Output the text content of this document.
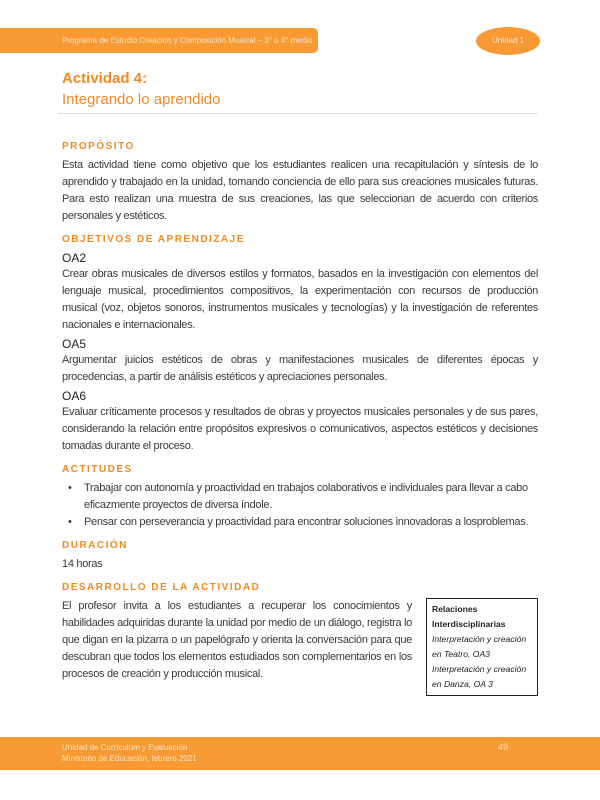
Programa de Estudio Creación y Composición Musical – 3° o 4° medio	Unidad 1
Actividad 4:
Integrando lo aprendido
PROPÓSITO
Esta actividad tiene como objetivo que los estudiantes realicen una recapitulación y síntesis de lo aprendido y trabajado en la unidad, tomando conciencia de ello para sus creaciones musicales futuras. Para esto realizan una muestra de sus creaciones, las que seleccionan de acuerdo con criterios personales y estéticos.
OBJETIVOS DE APRENDIZAJE
OA2
Crear obras musicales de diversos estilos y formatos, basados en la investigación con elementos del lenguaje musical, procedimientos compositivos, la experimentación con recursos de producción musical (voz, objetos sonoros, instrumentos musicales y tecnologías) y la investigación de referentes nacionales e internacionales.
OA5
Argumentar juicios estéticos de obras y manifestaciones musicales de diferentes épocas y procedencias, a partir de análisis estéticos y apreciaciones personales.
OA6
Evaluar críticamente procesos y resultados de obras y proyectos musicales personales y de sus pares, considerando la relación entre propósitos expresivos o comunicativos, aspectos estéticos y decisiones tomadas durante el proceso.
ACTITUDES
• Trabajar con autonomía y proactividad en trabajos colaborativos e individuales para llevar a cabo eficazmente proyectos de diversa índole.
• Pensar con perseverancia y proactividad para encontrar soluciones innovadoras a losproblemas.
DURACIÓN
14 horas
DESARROLLO DE LA ACTIVIDAD
El profesor invita a los estudiantes a recuperar los conocimientos y habilidades adquiridas durante la unidad por medio de un diálogo, registra lo que digan en la pizarra o un papelógrafo y orienta la conversación para que descubran que todos los elementos estudiados son complementarios en los procesos de creación y producción musical.
Relaciones
Interdisciplinarias
Interpretación y creación
en Teatro, OA3
Interpretación y creación
en Danza, OA 3
Unidad de Currículum y Evaluación
Ministerio de Educación, febrero 2021
49
